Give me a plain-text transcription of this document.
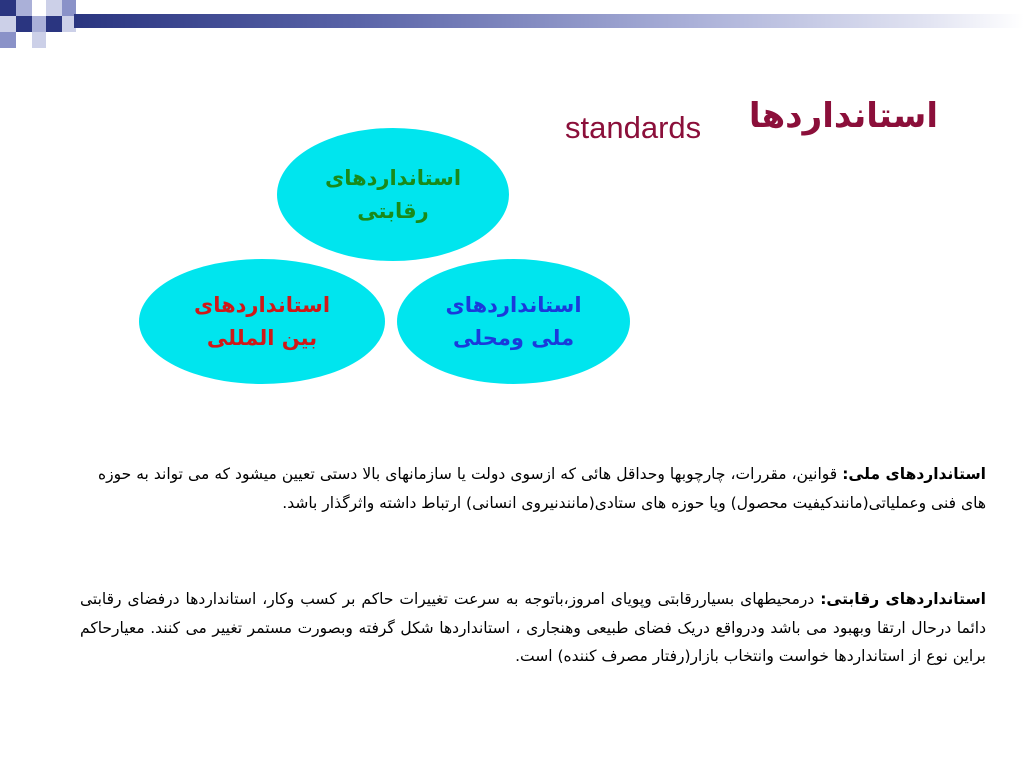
استانداردها
standards
استانداردهای
رقابتی
استانداردهای
بین المللی
استانداردهای
ملی ومحلی

استانداردهای ملی: قوانین، مقررات، چارچوبها وحداقل هائی که ازسوی دولت یا سازمانهای بالا دستی تعیین میشود که می تواند به حوزه های فنی وعملیاتی(مانندکیفیت محصول) ویا حوزه های ستادی(مانندنیروی انسانی) ارتباط داشته واثرگذار باشد.

استانداردهای رقابتی: درمحیطهای بسیاررقابتی وپویای امروز،باتوجه به سرعت تغییرات حاکم بر کسب وکار، استانداردها درفضای رقابتی دائما درحال ارتقا وبهبود می باشد ودرواقع دریک فضای طبیعی وهنجاری ، استانداردها شکل گرفته وبصورت مستمر تغییر می کنند. معیارحاکم براین نوع از استانداردها خواست وانتخاب بازار(رفتار مصرف کننده) است.
